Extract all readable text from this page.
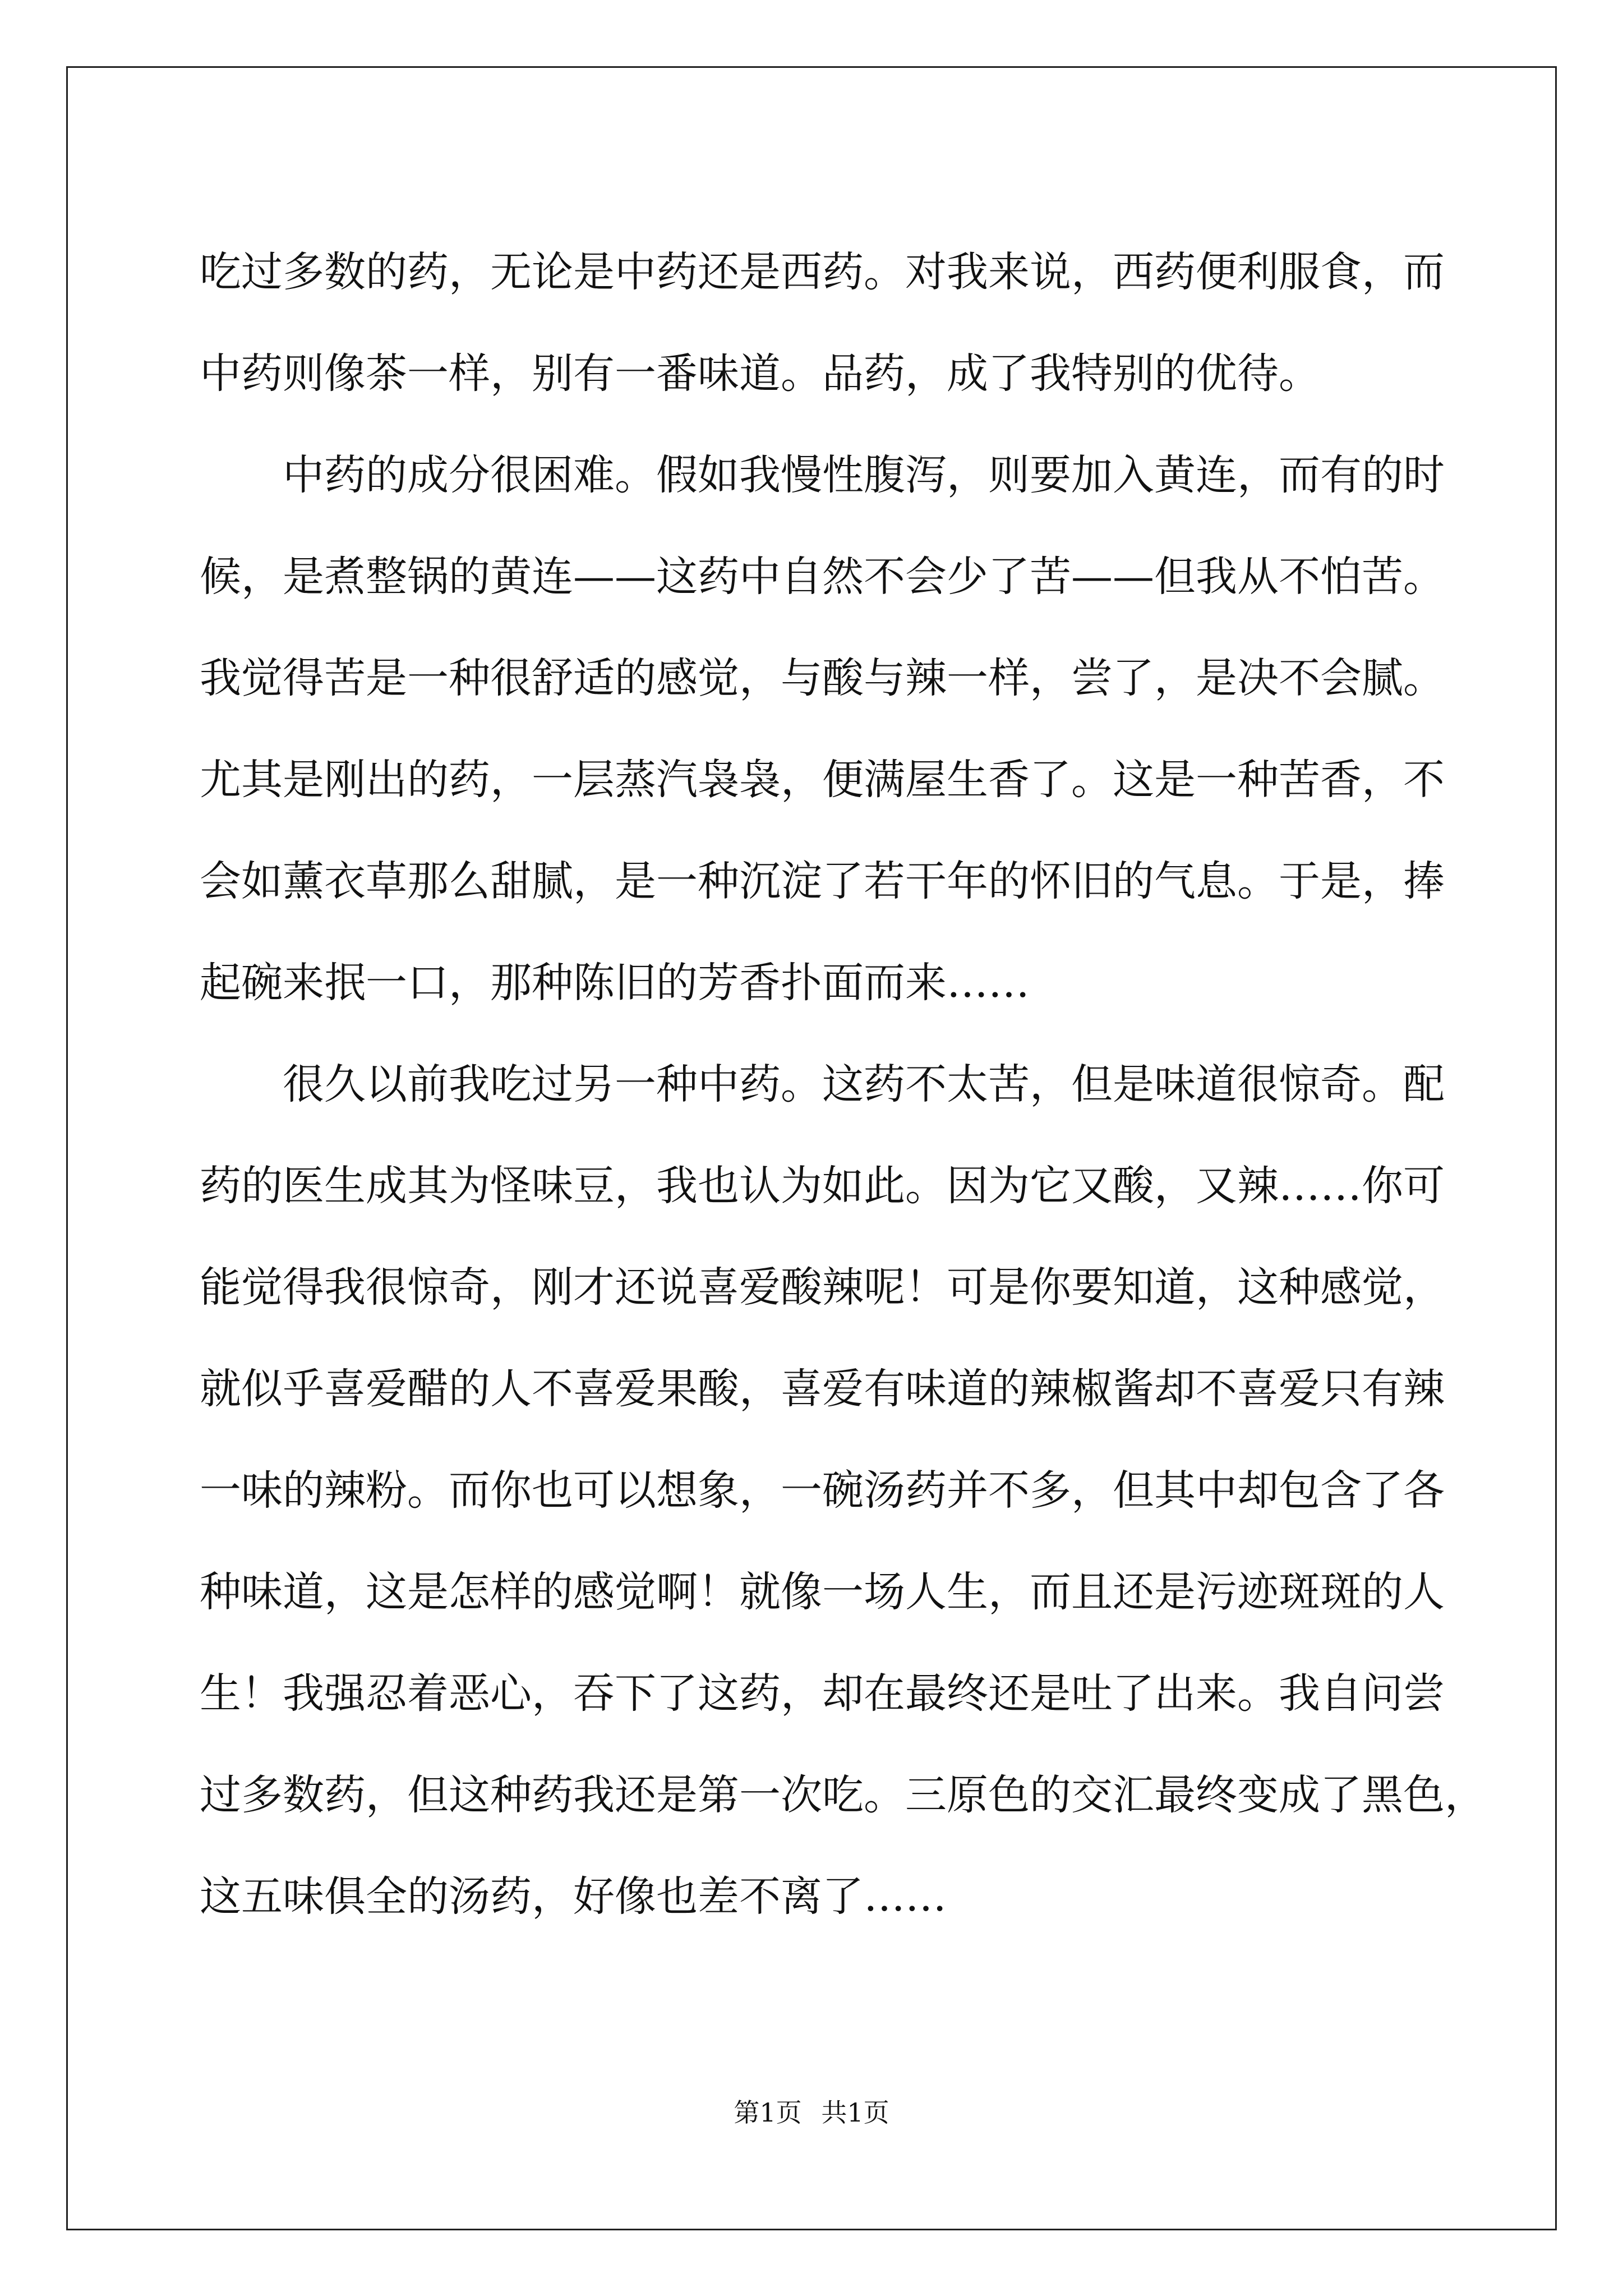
吃过多数的药，无论是中药还是西药。对我来说，西药便利服食，而
中药则像茶一样，别有一番味道。品药，成了我特别的优待。
　　中药的成分很困难。假如我慢性腹泻，则要加入黄连，而有的时
候，是煮整锅的黄连——这药中自然不会少了苦——但我从不怕苦。
我觉得苦是一种很舒适的感觉，与酸与辣一样，尝了，是决不会腻。
尤其是刚出的药，一层蒸汽袅袅，便满屋生香了。这是一种苦香，不
会如薰衣草那么甜腻，是一种沉淀了若干年的怀旧的气息。于是，捧
起碗来抿一口，那种陈旧的芳香扑面而来……
　　很久以前我吃过另一种中药。这药不太苦，但是味道很惊奇。配
药的医生成其为怪味豆，我也认为如此。因为它又酸，又辣……你可
能觉得我很惊奇，刚才还说喜爱酸辣呢！可是你要知道，这种感觉，
就似乎喜爱醋的人不喜爱果酸，喜爱有味道的辣椒酱却不喜爱只有辣
一味的辣粉。而你也可以想象，一碗汤药并不多，但其中却包含了各
种味道，这是怎样的感觉啊！就像一场人生，而且还是污迹斑斑的人
生！我强忍着恶心，吞下了这药，却在最终还是吐了出来。我自问尝
过多数药，但这种药我还是第一次吃。三原色的交汇最终变成了黑色，
这五味俱全的汤药，好像也差不离了……
第1页 共1页
